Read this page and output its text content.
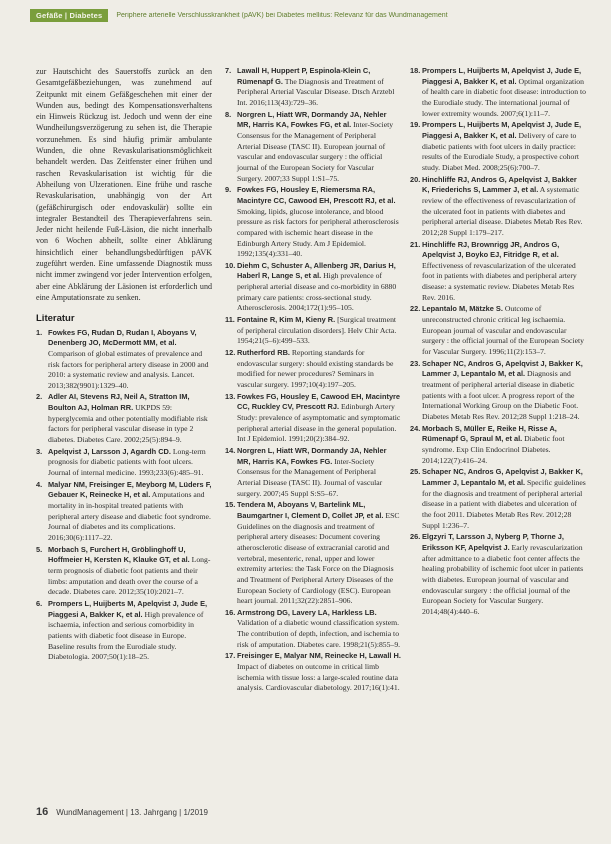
Gefäße | Diabetes	Periphere arterielle Verschlusskrankheit (pAVK) bei Diabetes mellitus: Relevanz für das Wundmanagement

zur Hautschicht des Sauerstoffs zurück an den Gesamtgefäßbeziehungen, was zunehmend auf Zeitpunkt mit einem Gefäßgeschehen mit einer der Wunden aus, bedingt des Kompensationsverhaltens ein Hinweis Rückzug ist. Jedoch und wenn der eine Wundheilungsverzögerung zu sehen ist, die Therapie vorzunehmen. Es sind häufig primär ambulante Wunden, die ohne Revaskularisationsmöglichkeit behandelt werden. Das Zeitfenster einer frühen und raschen Revaskularisation ist wichtig für die Abheilung von Ulzerationen. Eine frühe und rasche Revaskularisation, unabhängig von der Art (gefäßchirurgisch oder endovaskulär) sollte ein integraler Bestandteil des Therapieverfahrens sein. Jeder nicht heilende Fuß-Läsion, die nicht innerhalb von 6 Wochen abheilt, sollte einer Abklärung hinsichtlich einer behandlungsbedürftigen pAVK zugeführt werden. Eine umfassende Diagnostik muss nicht immer zwingend vor jeder Intervention erfolgen, aber eine Abklärung der Läsionen ist erforderlich und eine Amputationsrate zu senken.

Literatur
1. Fowkes FG, Rudan D, Rudan I, Aboyans V, Denenberg JO, McDermott MM, et al. Comparison of global estimates of prevalence and risk factors for peripheral artery disease in 2000 and 2010: a systematic review and analysis. Lancet. 2013;382(9901):1329–40.
2. Adler AI, Stevens RJ, Neil A, Stratton IM, Boulton AJ, Holman RR. UKPDS 59: hyperglycemia and other potentially modifiable risk factors for peripheral vascular disease in type 2 diabetes. Diabetes Care. 2002;25(5):894–9.
3. Apelqvist J, Larsson J, Agardh CD. Long-term prognosis for diabetic patients with foot ulcers. Journal of internal medicine. 1993;233(6):485–91.
4. Malyar NM, Freisinger E, Meyborg M, Lüders F, Gebauer K, Reinecke H, et al. Amputations and mortality in in-hospital treated patients with peripheral artery disease and diabetic foot syndrome. Journal of diabetes and its complications. 2016;30(6):1117–22.
5. Morbach S, Furchert H, Gröblinghoff U, Hoffmeier H, Kersten K, Klauke GT, et al. Long-term prognosis of diabetic foot patients and their limbs: amputation and death over the course of a decade. Diabetes care. 2012;35(10):2021–7.
6. Prompers L, Huijberts M, Apelqvist J, Jude E, Piaggesi A, Bakker K, et al. High prevalence of ischaemia, infection and serious comorbidity in patients with diabetic foot disease in Europe. Baseline results from the Eurodiale study. Diabetologia. 2007;50(1):18–25.
7. Lawall H, Huppert P, Espinola-Klein C, Rümenapf G. The Diagnosis and Treatment of Peripheral Arterial Vascular Disease. Dtsch Arztebl Int. 2016;113(43):729–36.
8. Norgren L, Hiatt WR, Dormandy JA, Nehler MR, Harris KA, Fowkes FG, et al. Inter-Society Consensus for the Management of Peripheral Arterial Disease (TASC II). European journal of vascular and endovascular surgery : the official journal of the European Society for Vascular Surgery. 2007;33 Suppl 1:S1–75.
9. Fowkes FG, Housley E, Riemersma RA, Macintyre CC, Cawood EH, Prescott RJ, et al. Smoking, lipids, glucose intolerance, and blood pressure as risk factors for peripheral atherosclerosis compared with ischemic heart disease in the Edinburgh Artery Study. Am J Epidemiol. 1992;135(4):331–40.
10. Diehm C, Schuster A, Allenberg JR, Darius H, Haberl R, Lange S, et al. High prevalence of peripheral arterial disease and co-morbidity in 6880 primary care patients: cross-sectional study. Atherosclerosis. 2004;172(1):95–105.
11. Fontaine R, Kim M, Kieny R. [Surgical treatment of peripheral circulation disorders]. Helv Chir Acta. 1954;21(5–6):499–533.
12. Rutherford RB. Reporting standards for endovascular surgery: should existing standards be modified for newer procedures? Seminars in vascular surgery. 1997;10(4):197–205.
13. Fowkes FG, Housley E, Cawood EH, Macintyre CC, Ruckley CV, Prescott RJ. Edinburgh Artery Study: prevalence of asymptomatic and symptomatic peripheral arterial disease in the general population. Int J Epidemiol. 1991;20(2):384–92.
14. Norgren L, Hiatt WR, Dormandy JA, Nehler MR, Harris KA, Fowkes FG. Inter-Society Consensus for the Management of Peripheral Arterial Disease (TASC II). Journal of vascular surgery. 2007;45 Suppl S:S5–67.
15. Tendera M, Aboyans V, Bartelink ML, Baumgartner I, Clement D, Collet JP, et al. ESC Guidelines on the diagnosis and treatment of peripheral artery diseases: Document covering atherosclerotic disease of extracranial carotid and vertebral, mesenteric, renal, upper and lower extremity arteries: the Task Force on the Diagnosis and Treatment of Peripheral Artery Diseases of the European Society of Cardiology (ESC). European heart journal. 2011;32(22):2851–906.
16. Armstrong DG, Lavery LA, Harkless LB. Validation of a diabetic wound classification system. The contribution of depth, infection, and ischemia to risk of amputation. Diabetes care. 1998;21(5):855–9.
17. Freisinger E, Malyar NM, Reinecke H, Lawall H. Impact of diabetes on outcome in critical limb ischemia with tissue loss: a large-scaled routine data analysis. Cardiovascular diabetology. 2017;16(1):41.
18. Prompers L, Huijberts M, Apelqvist J, Jude E, Piaggesi A, Bakker K, et al. Optimal organization of health care in diabetic foot disease: introduction to the Eurodiale study. The international journal of lower extremity wounds. 2007;6(1):11–7.
19. Prompers L, Huijberts M, Apelqvist J, Jude E, Piaggesi A, Bakker K, et al. Delivery of care to diabetic patients with foot ulcers in daily practice: results of the Eurodiale Study, a prospective cohort study. Diabet Med. 2008;25(6):700–7.
20. Hinchliffe RJ, Andros G, Apelqvist J, Bakker K, Friederichs S, Lammer J, et al. A systematic review of the effectiveness of revascularization of the ulcerated foot in patients with diabetes and peripheral arterial disease. Diabetes Metab Res Rev. 2012;28 Suppl 1:179–217.
21. Hinchliffe RJ, Brownrigg JR, Andros G, Apelqvist J, Boyko EJ, Fitridge R, et al. Effectiveness of revascularization of the ulcerated foot in patients with diabetes and peripheral artery disease: a systematic review. Diabetes Metab Res Rev. 2016.
22. Lepantalo M, Mätzke S. Outcome of unreconstructed chronic critical leg ischaemia. European journal of vascular and endovascular surgery : the official journal of the European Society for Vascular Surgery. 1996;11(2):153–7.
23. Schaper NC, Andros G, Apelqvist J, Bakker K, Lammer J, Lepantalo M, et al. Diagnosis and treatment of peripheral arterial disease in diabetic patients with a foot ulcer. A progress report of the International Working Group on the Diabetic Foot. Diabetes Metab Res Rev. 2012;28 Suppl 1:218–24.
24. Morbach S, Müller E, Reike H, Risse A, Rümenapf G, Spraul M, et al. Diabetic foot syndrome. Exp Clin Endocrinol Diabetes. 2014;122(7):416–24.
25. Schaper NC, Andros G, Apelqvist J, Bakker K, Lammer J, Lepantalo M, et al. Specific guidelines for the diagnosis and treatment of peripheral arterial disease in a patient with diabetes and ulceration of the foot 2011. Diabetes Metab Res Rev. 2012;28 Suppl 1:236–7.
26. Elgzyri T, Larsson J, Nyberg P, Thorne J, Eriksson KF, Apelqvist J. Early revascularization after admittance to a diabetic foot center affects the healing probability of ischemic foot ulcer in patients with diabetes. European journal of vascular and endovascular surgery : the official journal of the European Society for Vascular Surgery. 2014;48(4):440–6.
16 WundManagement | 13. Jahrgang | 1/2019
